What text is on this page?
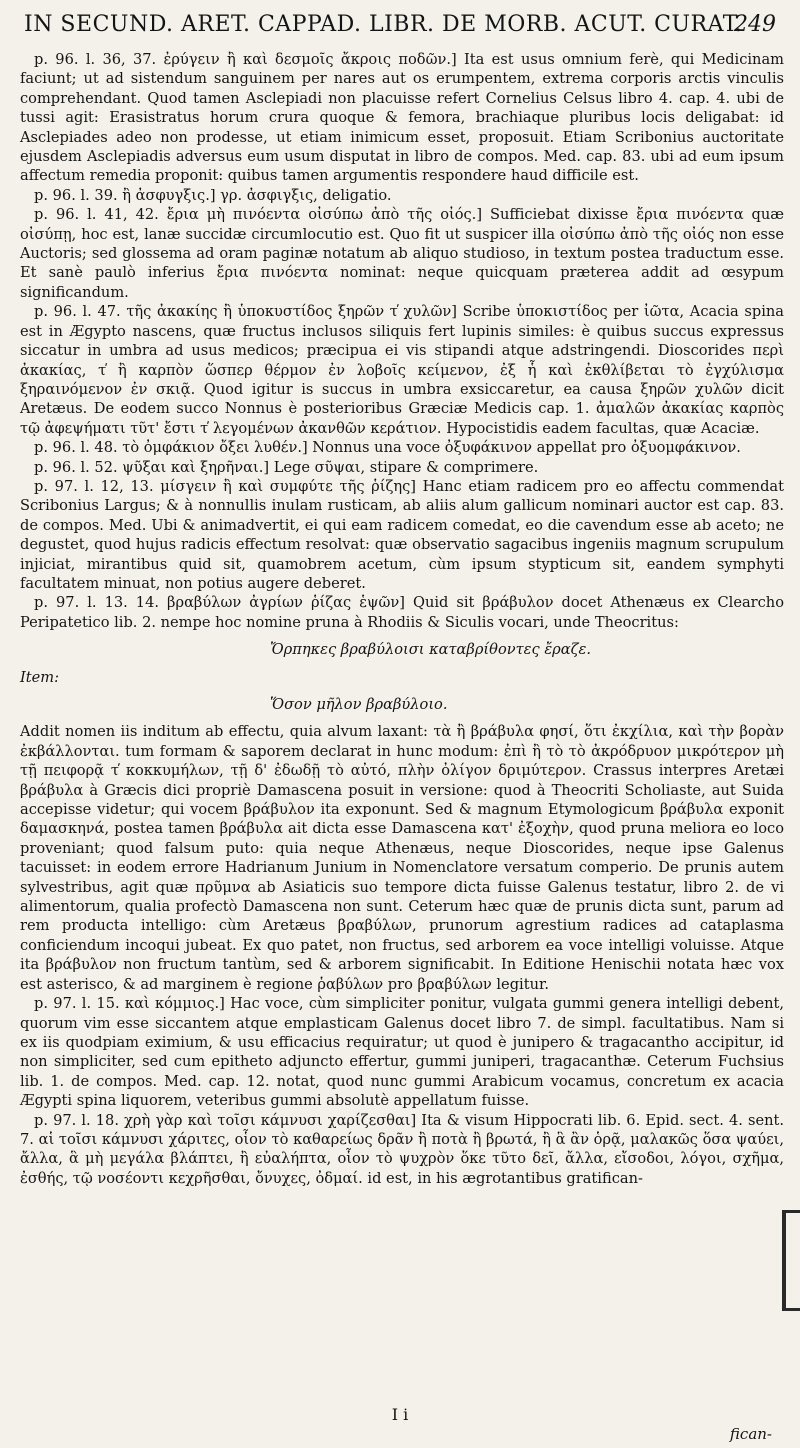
IN SECUND. ARET. CAPPAD. LIBR. DE MORB. ACUT. CURAT.
249

p. 96. l. 36, 37. ἐρύγειν ἢ καὶ δεσμοῖς ἄκροις ποδῶν.] Ita est usus omnium ferè, qui Medicinam faciunt; ut ad sistendum sanguinem per nares aut os erumpentem, extrema corporis arctis vinculis comprehendant. Quod tamen Asclepiadi non placuisse refert Cornelius Celsus libro 4. cap. 4. ubi de tussi agit: Erasistratus horum crura quoque & femora, brachiaque pluribus locis deligabat: id Asclepiades adeo non prodesse, ut etiam inimicum esset, proposuit. Etiam Scribonius auctoritate ejusdem Asclepiadis adversus eum usum disputat in libro de compos. Med. cap. 83. ubi ad eum ipsum affectum remedia proponit: quibus tamen argumentis respondere haud difficile est.

p. 96. l. 39. ἢ ἀσφυγξις.] γρ. ἀσφιγξις, deligatio.

p. 96. l. 41, 42. ἔρια μὴ πινόεντα οἰσύπω ἀπὸ τῆς οἰός.] Sufficiebat dixisse ἔρια πινόεντα quæ οἰσύπῃ, hoc est, lanæ succidæ circumlocutio est. Quo fit ut suspicer illa οἰσύπω ἀπὸ τῆς οἰός non esse Auctoris; sed glossema ad oram paginæ notatum ab aliquo studioso, in textum postea traductum esse. Et sanè paulò inferius ἔρια πινόεντα nominat: neque quicquam præterea addit ad œsypum significandum.

p. 96. l. 47. τῆς ἀκακίης ἢ ὑποκυστίδος ξηρῶν τ̕ χυλῶν] Scribe ὑποκιστίδος per ἰῶτα, Acacia spina est in Ægypto nascens, quæ fructus inclusos siliquis fert lupinis similes: è quibus succus expressus siccatur in umbra ad usus medicos; præcipua ei vis stipandi atque adstringendi. Dioscorides περὶ ἀκακίας, τ̕ ἢ καρπὸν ὥσπερ θέρμον ἐν λοβοῖς κείμενον, ἐξ ἧ καὶ ἐκθλίβεται τὸ ἐγχύλισμα ξηραινόμενον ἐν σκιᾷ. Quod igitur is succus in umbra exsiccaretur, ea causa ξηρῶν χυλῶν dicit Aretæus. De eodem succo Nonnus è posterioribus Græciæ Medicis cap. 1. ἀμαλῶν ἀκακίας καρπὸς τῷ ἀφεψήματι τῦτ' ἔστι τ̕ λεγομένων ἀκανθῶν κεράτιον. Hypocistidis eadem facultas, quæ Acaciæ.

p. 96. l. 48. τὸ ὀμφάκιον ὄξει λυθέν.] Nonnus una voce ὀξυφάκινον appellat pro ὀξυομφάκινον.

p. 96. l. 52. ψῦξαι καὶ ξηρῆναι.] Lege σῦψαι, stipare & comprimere.

p. 97. l. 12, 13. μίσγειν ἢ καὶ συμφύτε τῆς ῥίζης] Hanc etiam radicem pro eo affectu commendat Scribonius Largus; & à nonnullis inulam rusticam, ab aliis alum gallicum nominari auctor est cap. 83. de compos. Med. Ubi & animadvertit, ei qui eam radicem comedat, eo die cavendum esse ab aceto; ne degustet, quod hujus radicis effectum resolvat: quæ observatio sagacibus ingeniis magnum scrupulum injiciat, mirantibus quid sit, quamobrem acetum, cùm ipsum stypticum sit, eandem symphyti facultatem minuat, non potius augere deberet.

p. 97. l. 13. 14. βραβύλων ἀγρίων ῥίζας ἑψῶν] Quid sit βράβυλον docet Athenæus ex Clearcho Peripatetico lib. 2. nempe hoc nomine pruna à Rhodiis & Siculis vocari, unde Theocritus:

Ὄρπηκες βραβύλοισι καταβρίθοντες ἔραζε.

Item:

Ὅσον μῆλον βραβύλοιο.

Addit nomen iis inditum ab effectu, quia alvum laxant: τὰ ἢ βράβυλα φησί, ὅτι ἐκχίλια, καὶ τὴν βορὰν ἐκβάλλονται. tum formam & saporem declarat in hunc modum: ἐπὶ ἢ τὸ τὸ ἀκρόδρυον μικρότερον μὴ τῇ πειφορᾷ τ̕ κοκκυμήλων, τῇ δ' ἐδωδῇ τὸ αὐτό, πλὴν ὀλίγον δριμύτερον. Crassus interpres Aretæi βράβυλα à Græcis dici propriè Damascena posuit in versione: quod à Theocriti Scholiaste, aut Suida accepisse videtur; qui vocem βράβυλον ita exponunt. Sed & magnum Etymologicum βράβυλα exponit δαμασκηνά, postea tamen βράβυλα ait dicta esse Damascena κατ' ἐξοχὴν, quod pruna meliora eo loco proveniant; quod falsum puto: quia neque Athenæus, neque Dioscorides, neque ipse Galenus tacuisset: in eodem errore Hadrianum Junium in Nomenclatore versatum comperio. De prunis autem sylvestribus, agit quæ πρῦμνα ab Asiaticis suo tempore dicta fuisse Galenus testatur, libro 2. de vi alimentorum, qualia profectò Damascena non sunt. Ceterum hæc quæ de prunis dicta sunt, parum ad rem producta intelligo: cùm Aretæus βραβύλων, prunorum agrestium radices ad cataplasma conficiendum incoqui jubeat. Ex quo patet, non fructus, sed arborem ea voce intelligi voluisse. Atque ita βράβυλον non fructum tantùm, sed & arborem significabit. In Editione Henischii notata hæc vox est asterisco, & ad marginem è regione ῥαβύλων pro βραβύλων legitur.

p. 97. l. 15. καὶ κόμμιος.] Hac voce, cùm simpliciter ponitur, vulgata gummi genera intelligi debent, quorum vim esse siccantem atque emplasticam Galenus docet libro 7. de simpl. facultatibus. Nam si ex iis quodpiam eximium, & usu efficacius requiratur; ut quod è junipero & tragacantho accipitur, id non simpliciter, sed cum epitheto adjuncto effertur, gummi juniperi, tragacanthæ. Ceterum Fuchsius lib. 1. de compos. Med. cap. 12. notat, quod nunc gummi Arabicum vocamus, concretum ex acacia Ægypti spina liquorem, veteribus gummi absolutè appellatum fuisse.

p. 97. l. 18. χρὴ γὰρ καὶ τοῖσι κάμνυσι χαρίζεσθαι] Ita & visum Hippocrati lib. 6. Epid. sect. 4. sent. 7. αἱ τοῖσι κάμνυσι χάριτες, οἷον τὸ καθαρείως δρᾶν ἢ ποτὰ ἢ βρωτά, ἢ ἃ ἂν ὁρᾷ, μαλακῶς ὅσα ψαύει, ἄλλα, ἃ μὴ μεγάλα βλάπτει, ἢ εὐαλήπτα, οἷον τὸ ψυχρὸν ὅκε τῦτο δεῖ, ἄλλα, εἴσοδοι, λόγοι, σχῆμα, ἐσθής, τῷ νοσέοντι κεχρῆσθαι, ὄνυχες, ὀδμαί. id est, in his ægrotantibus gratifican-

I i
fican-
